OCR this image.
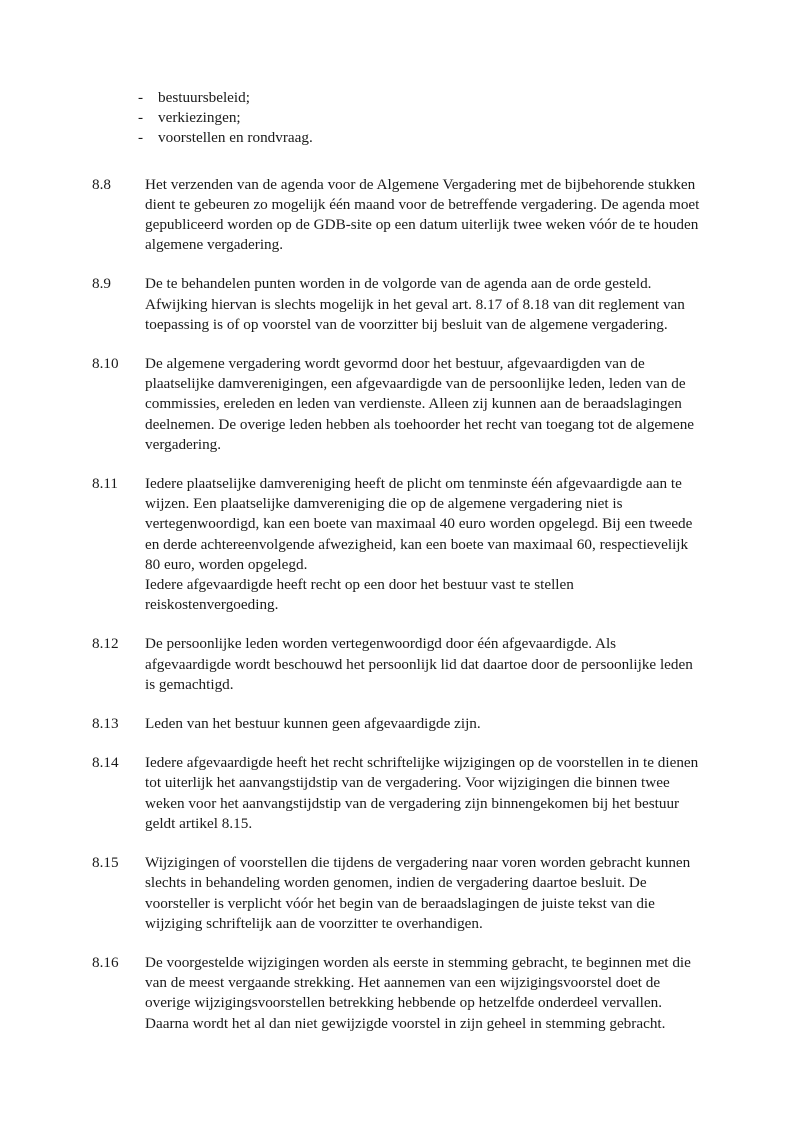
- bestuursbeleid;
- verkiezingen;
- voorstellen en rondvraag.
8.8	Het verzenden van de agenda voor de Algemene Vergadering met de bijbehorende stukken dient te gebeuren zo mogelijk één maand voor de betreffende vergadering. De agenda moet gepubliceerd worden op de GDB-site op een datum uiterlijk twee weken vóór de te houden algemene vergadering.

8.9	De te behandelen punten worden in de volgorde van de agenda aan de orde gesteld. Afwijking hiervan is slechts mogelijk in het geval art. 8.17 of 8.18 van dit reglement van toepassing is of op voorstel van de voorzitter bij besluit van de algemene vergadering.

8.10	De algemene vergadering wordt gevormd door het bestuur, afgevaardigden van de plaatselijke damverenigingen, een afgevaardigde van de persoonlijke leden, leden van de commissies, ereleden en leden van verdienste. Alleen zij kunnen aan de beraadslagingen deelnemen. De overige leden hebben als toehoorder het recht van toegang tot de algemene vergadering.

8.11	Iedere plaatselijke damvereniging heeft de plicht om tenminste één afgevaardigde aan te wijzen. Een plaatselijke damvereniging die op de algemene vergadering niet is vertegenwoordigd, kan een boete van maximaal 40 euro worden opgelegd. Bij een tweede en derde achtereenvolgende afwezigheid, kan een boete van maximaal 60, respectievelijk 80 euro, worden opgelegd.

Iedere afgevaardigde heeft recht op een door het bestuur vast te stellen reiskostenvergoeding.

8.12	De persoonlijke leden worden vertegenwoordigd door één afgevaardigde. Als afgevaardigde wordt beschouwd het persoonlijk lid dat daartoe door de persoonlijke leden is gemachtigd.

8.13	Leden van het bestuur kunnen geen afgevaardigde zijn.

8.14	Iedere afgevaardigde heeft het recht schriftelijke wijzigingen op de voorstellen in te dienen tot uiterlijk het aanvangstijdstip van de vergadering. Voor wijzigingen die binnen twee weken voor het aanvangstijdstip van de vergadering zijn binnengekomen bij het bestuur geldt artikel 8.15.

8.15	Wijzigingen of voorstellen die tijdens de vergadering naar voren worden gebracht kunnen slechts in behandeling worden genomen, indien de vergadering daartoe besluit. De voorsteller is verplicht vóór het begin van de beraadslagingen de juiste tekst van die wijziging schriftelijk aan de voorzitter te overhandigen.

8.16	De voorgestelde wijzigingen worden als eerste in stemming gebracht, te beginnen met die van de meest vergaande strekking. Het aannemen van een wijzigingsvoorstel doet de overige wijzigingsvoorstellen betrekking hebbende op hetzelfde onderdeel vervallen. Daarna wordt het al dan niet gewijzigde voorstel in zijn geheel in stemming gebracht.
